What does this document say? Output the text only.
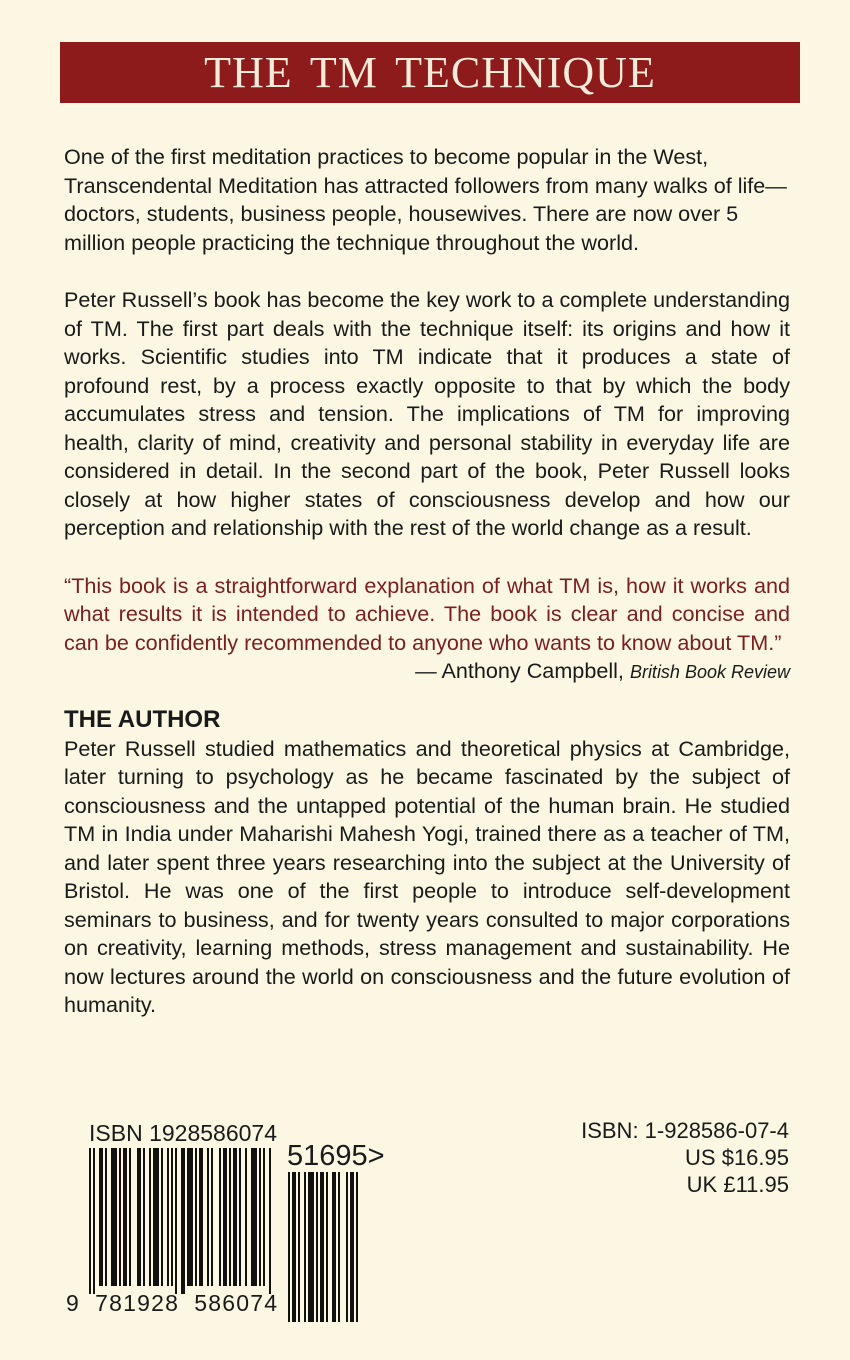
THE TM TECHNIQUE

One of the first meditation practices to become popular in the West, Transcendental Meditation has attracted followers from many walks of life—doctors, students, business people, housewives. There are now over 5 million people practicing the technique throughout the world.

Peter Russell’s book has become the key work to a complete understanding of TM. The first part deals with the technique itself: its origins and how it works. Scientific studies into TM indicate that it produces a state of profound rest, by a process exactly opposite to that by which the body accumulates stress and tension. The implications of TM for improving health, clarity of mind, creativity and personal stability in everyday life are considered in detail. In the second part of the book, Peter Russell looks closely at how higher states of consciousness develop and how our perception and relationship with the rest of the world change as a result.

“This book is a straightforward explanation of what TM is, how it works and what results it is intended to achieve. The book is clear and concise and can be confidently recommended to anyone who wants to know about TM.”

— Anthony Campbell, British Book Review

THE AUTHOR

Peter Russell studied mathematics and theoretical physics at Cambridge, later turning to psychology as he became fascinated by the subject of consciousness and the untapped potential of the human brain. He studied TM in India under Maharishi Mahesh Yogi, trained there as a teacher of TM, and later spent three years researching into the subject at the University of Bristol. He was one of the first people to introduce self-development seminars to business, and for twenty years consulted to major corporations on creativity, learning methods, stress management and sustainability. He now lectures around the world on consciousness and the future evolution of humanity.

ISBN 1928586074
9  781928  586074
51695>
ISBN: 1-928586-07-4
US $16.95
UK £11.95
